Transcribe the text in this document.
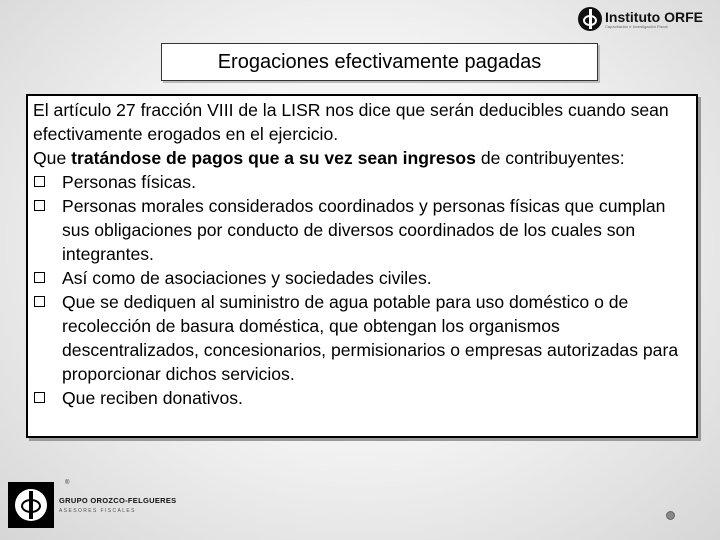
Instituto ORFE
Capacitación e Investigación Fiscal
Erogaciones efectivamente pagadas

El artículo 27 fracción VIII de la LISR nos dice que serán deducibles cuando sean efectivamente erogados en el ejercicio.

Que tratándose de pagos que a su vez sean ingresos de contribuyentes:

Personas físicas.
Personas morales considerados coordinados y personas físicas que cumplan sus obligaciones por conducto de diversos coordinados de los cuales son integrantes.
Así como de asociaciones y sociedades civiles.
Que se dediquen al suministro de agua potable para uso doméstico o de recolección de basura doméstica, que obtengan los organismos descentralizados, concesionarios, permisionarios o empresas autorizadas para proporcionar dichos servicios.
Que reciben donativos.
®
GRUPO OROZCO-FELGUERES
ASESORES FISCALES
